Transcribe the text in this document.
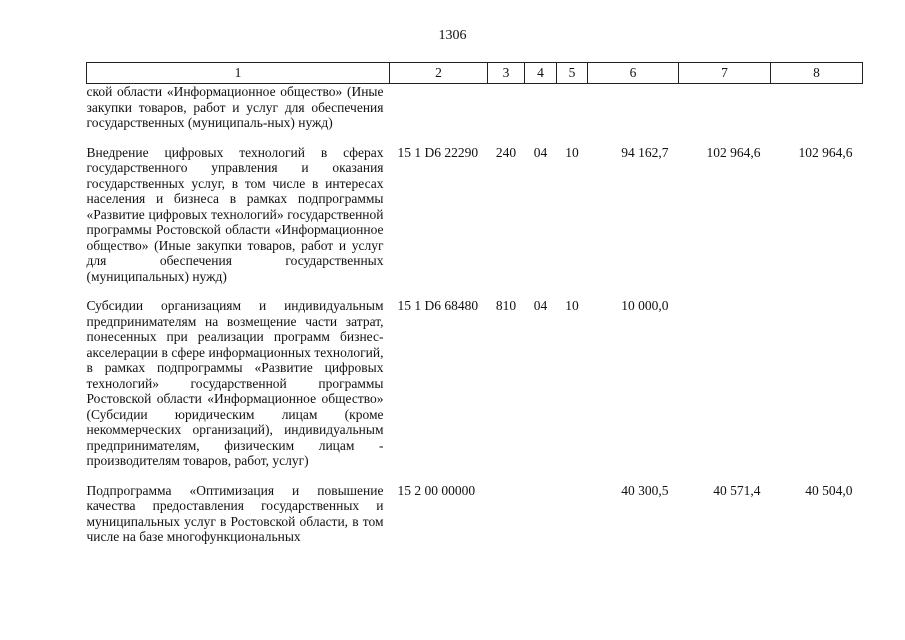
1306
1	2	3	4	5	6	7	8
ской области «Информационное общество» (Иные закупки товаров, работ и услуг для обеспечения государственных (муниципаль-ных) нужд)							
Внедрение цифровых технологий в сферах государственного управления и оказания государственных услуг, в том числе в интересах населения и бизнеса в рамках подпрограммы «Развитие цифровых технологий» государственной программы Ростовской области «Информационное общество» (Иные закупки товаров, работ и услуг для обеспечения государственных (муниципальных) нужд)	15 1 D6 22290	240	04	10	94 162,7	102 964,6	102 964,6
Субсидии организациям и индивидуальным предпринимателям на возмещение части затрат, понесенных при реализации программ бизнес-акселерации в сфере информационных технологий, в рамках подпрограммы «Развитие цифровых технологий» государственной программы Ростовской области «Информационное общество» (Субсидии юридическим лицам (кроме некоммерческих организаций), индивидуальным предпринимателям, физическим лицам - производителям товаров, работ, услуг)	15 1 D6 68480	810	04	10	10 000,0		
Подпрограмма «Оптимизация и повышение качества предоставления государственных и муниципальных услуг в Ростовской области, в том числе на базе многофункциональных	15 2 00 00000				40 300,5	40 571,4	40 504,0
